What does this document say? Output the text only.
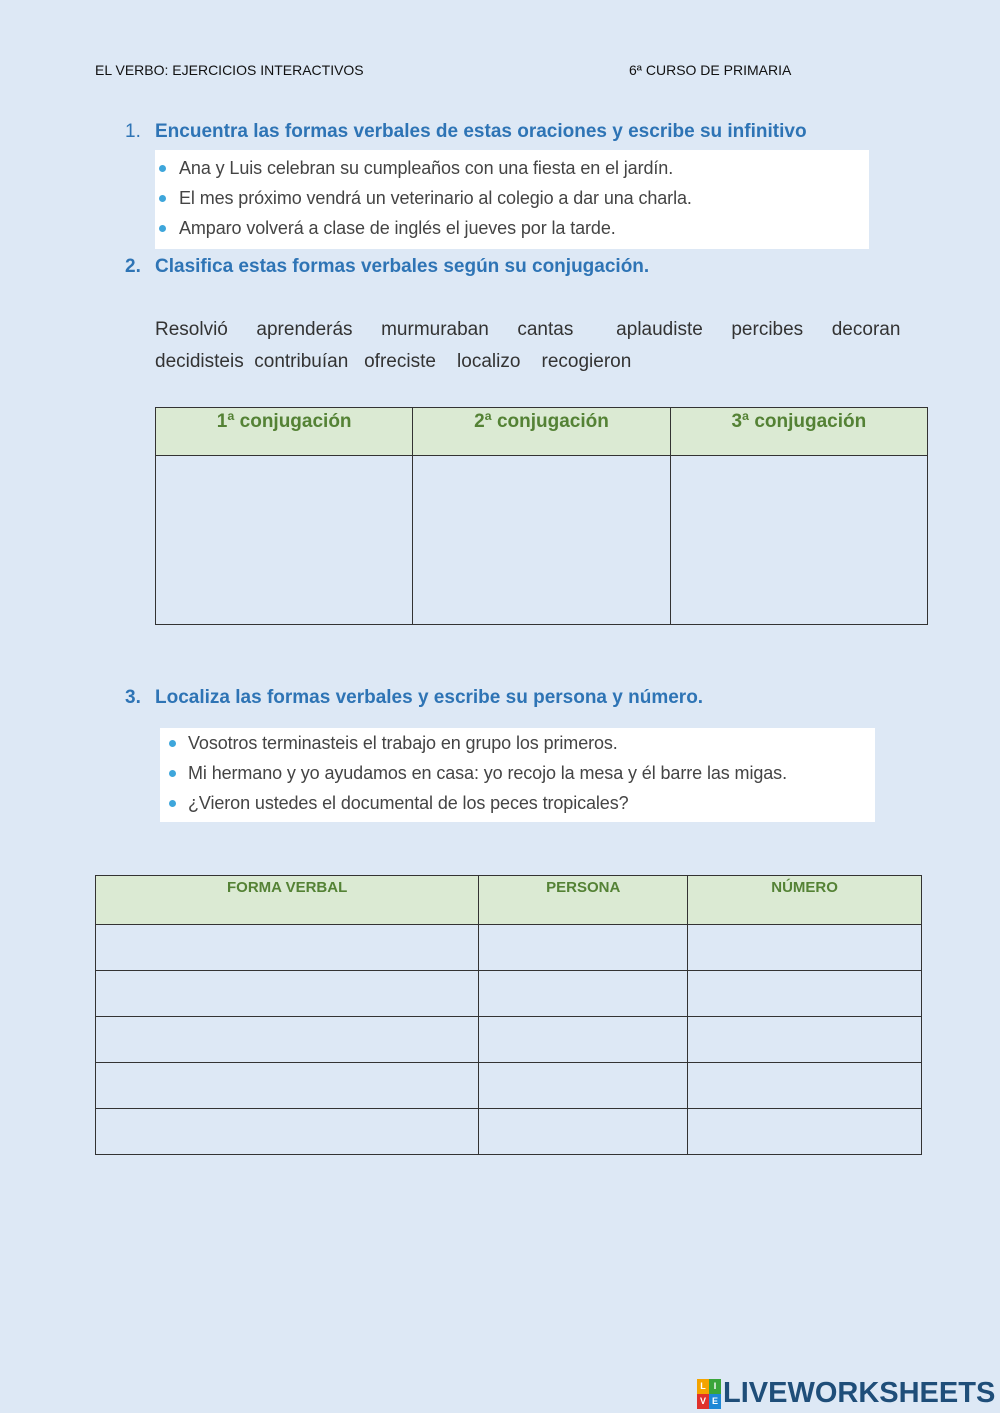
EL VERBO: EJERCICIOS INTERACTIVOS	6ª CURSO DE PRIMARIA
1. Encuentra las formas verbales de estas oraciones y escribe su infinitivo
Ana y Luis celebran su cumpleaños con una fiesta en el jardín.
El mes próximo vendrá un veterinario al colegio a dar una charla.
Amparo volverá a clase de inglés el jueves por la tarde.
2. Clasifica estas formas verbales según su conjugación.
Resolvió  aprenderás  murmuraban  cantas   aplaudiste  percibes  decoran
decidisteis  contribuían   ofreciste    localizo    recogieron
1ª conjugación	2ª conjugación	3ª conjugación

3. Localiza las formas verbales y escribe su persona y número.
Vosotros terminasteis el trabajo en grupo los primeros.
Mi hermano y yo ayudamos en casa: yo recojo la mesa y él barre las migas.
¿Vieron ustedes el documental de los peces tropicales?
FORMA VERBAL	PERSONA	NÚMERO

L I
V E LIVEWORKSHEETS
